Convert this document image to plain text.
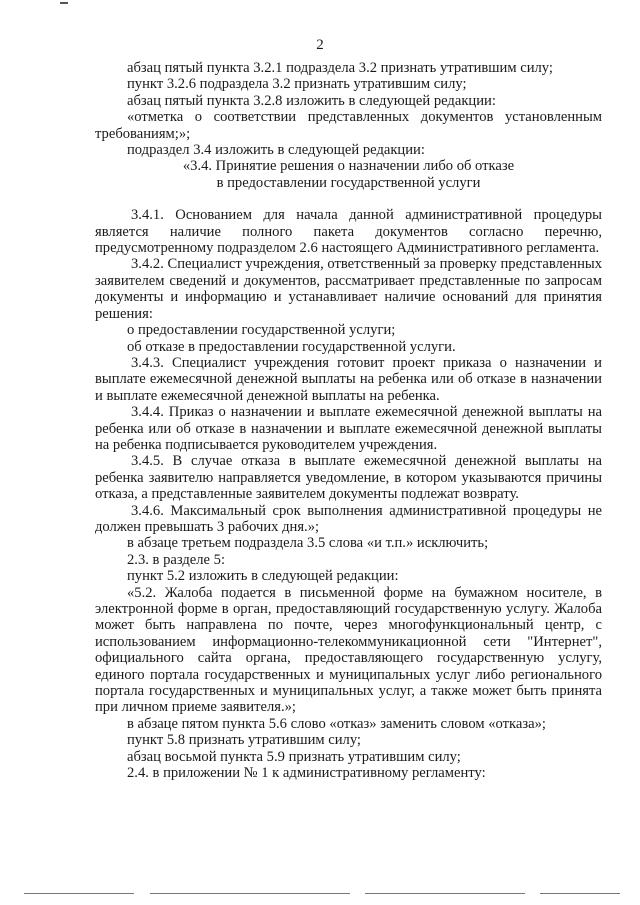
2

абзац пятый пункта 3.2.1 подраздела 3.2 признать утратившим силу;

пункт 3.2.6 подраздела 3.2 признать утратившим силу;

абзац пятый пункта 3.2.8 изложить в следующей редакции:

«отметка о соответствии представленных документов установленным требованиям;»;

подраздел 3.4 изложить в следующей редакции:

«3.4. Принятие решения о назначении либо об отказе

в предоставлении государственной услуги

3.4.1. Основанием для начала данной административной процедуры является наличие полного пакета документов согласно перечню, предусмотренному подразделом 2.6 настоящего Административного регламента.

3.4.2. Специалист учреждения, ответственный за проверку представленных заявителем сведений и документов, рассматривает представленные по запросам документы и информацию и устанавливает наличие оснований для принятия решения:

о предоставлении государственной услуги;

об отказе в предоставлении государственной услуги.

3.4.3. Специалист учреждения готовит проект приказа о назначении и выплате ежемесячной денежной выплаты на ребенка или об отказе в назначении и выплате ежемесячной денежной выплаты на ребенка.

3.4.4. Приказ о назначении и выплате ежемесячной денежной выплаты на ребенка или об отказе в назначении и выплате ежемесячной денежной выплаты на ребенка подписывается руководителем учреждения.

3.4.5. В случае отказа в выплате ежемесячной денежной выплаты на ребенка заявителю направляется уведомление, в котором указываются причины отказа, а представленные заявителем документы подлежат возврату.

3.4.6. Максимальный срок выполнения административной процедуры не должен превышать 3 рабочих дня.»;

в абзаце третьем подраздела 3.5 слова «и т.п.» исключить;

2.3. в разделе 5:

пункт 5.2 изложить в следующей редакции:

«5.2. Жалоба подается в письменной форме на бумажном носителе, в электронной форме в орган, предоставляющий государственную услугу. Жалоба может быть направлена по почте, через многофункциональный центр, с использованием информационно-телекоммуникационной сети "Интернет", официального сайта органа, предоставляющего государственную услугу, единого портала государственных и муниципальных услуг либо регионального портала государственных и муниципальных услуг, а также может быть принята при личном приеме заявителя.»;

в абзаце пятом пункта 5.6 слово «отказ» заменить словом «отказа»;

пункт 5.8 признать утратившим силу;

абзац восьмой пункта 5.9 признать утратившим силу;

2.4. в приложении № 1 к административному регламенту:
